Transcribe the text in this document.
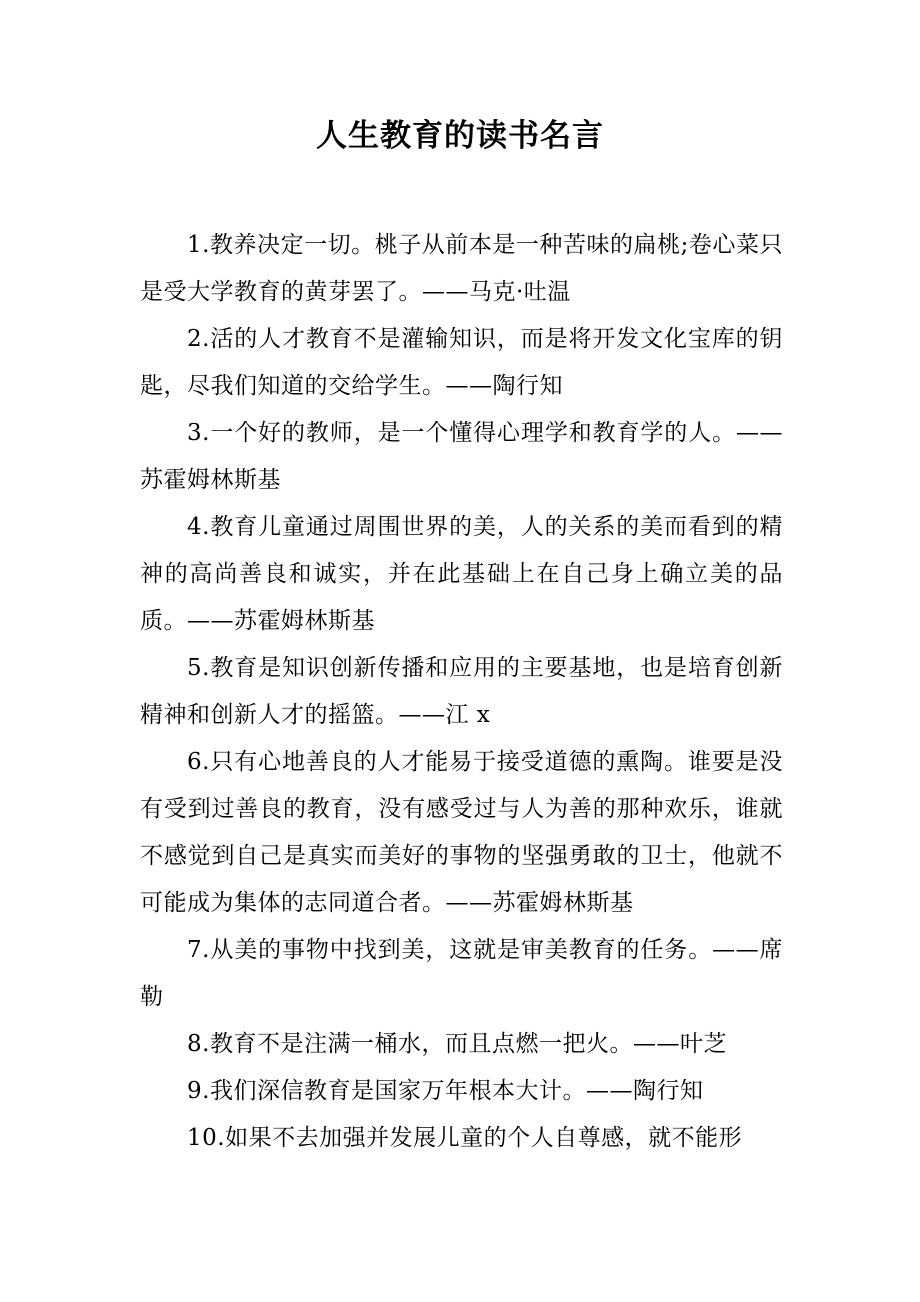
人生教育的读书名言

1.教养决定一切。桃子从前本是一种苦味的扁桃;卷心菜只是受大学教育的黄芽罢了。——马克·吐温

2.活的人才教育不是灌输知识，而是将开发文化宝库的钥匙，尽我们知道的交给学生。——陶行知

3.一个好的教师，是一个懂得心理学和教育学的人。——苏霍姆林斯基

4.教育儿童通过周围世界的美，人的关系的美而看到的精神的高尚善良和诚实，并在此基础上在自己身上确立美的品质。——苏霍姆林斯基

5.教育是知识创新传播和应用的主要基地，也是培育创新精神和创新人才的摇篮。——江 x

6.只有心地善良的人才能易于接受道德的熏陶。谁要是没有受到过善良的教育，没有感受过与人为善的那种欢乐，谁就不感觉到自己是真实而美好的事物的坚强勇敢的卫士，他就不可能成为集体的志同道合者。——苏霍姆林斯基

7.从美的事物中找到美，这就是审美教育的任务。——席勒

8.教育不是注满一桶水，而且点燃一把火。——叶芝

9.我们深信教育是国家万年根本大计。——陶行知

10.如果不去加强并发展儿童的个人自尊感，就不能形
